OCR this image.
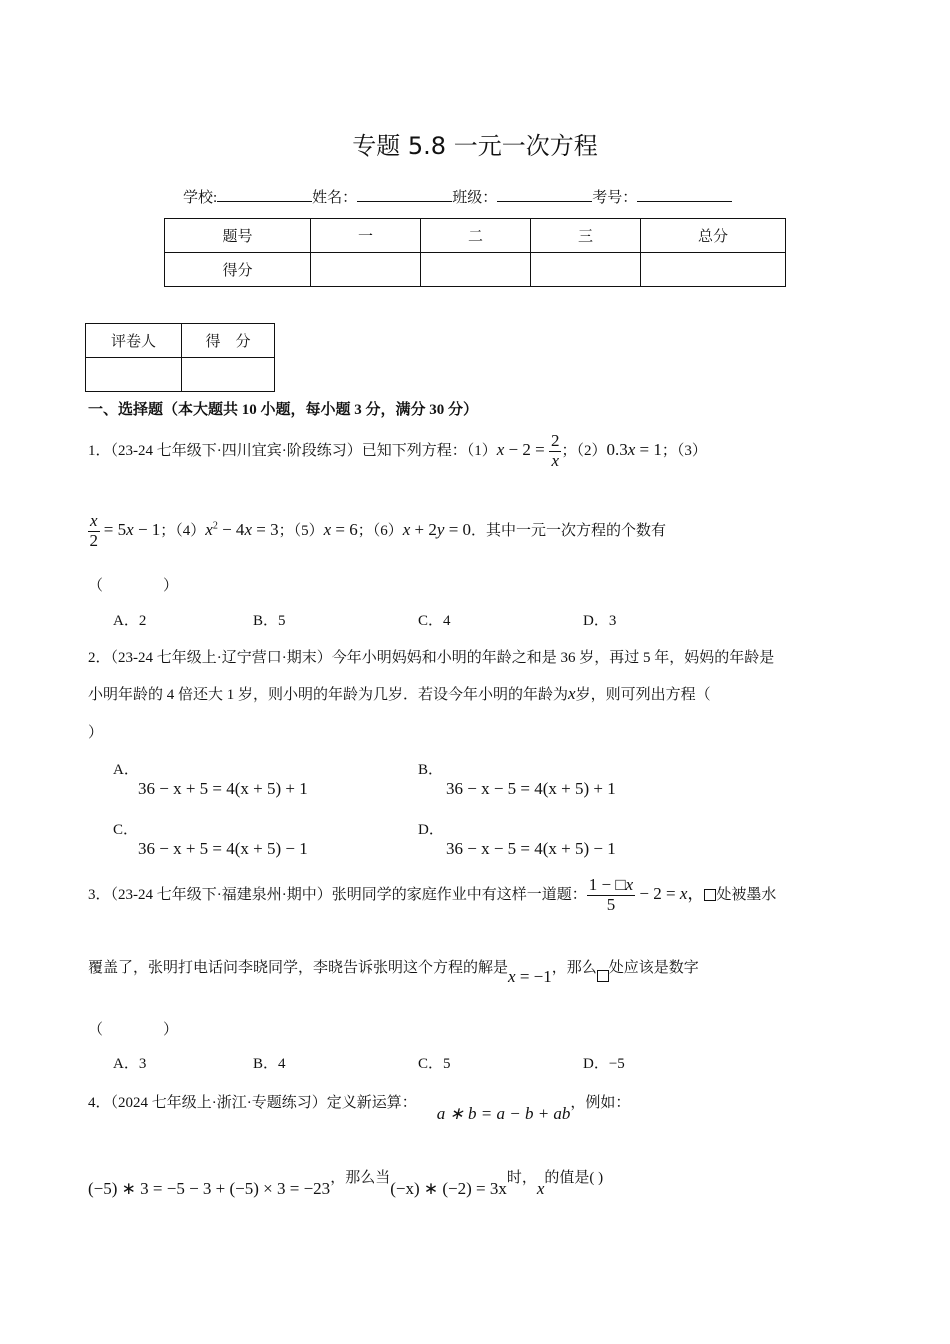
专题 5.8 一元一次方程
学校:	姓名：	班级：	考号：
题号	一	二	三	总分
得分				
评卷人	得　分

一、选择题（本大题共 10 小题，每小题 3 分，满分 30 分）
1．（23-24 七年级下·四川宜宾·阶段练习）已知下列方程：$(1)x - 2 = \frac{2}{x}$ ；（2）0.3x = 1；（3）
$\frac{x}{2} = 5x - 1$；$(4)x^2 - 4x = 3$；（5）x = 6；（6）x + 2y = 0．其中一元一次方程的个数有
（　　　　）
A．2	B．5	C．4	D．3
2．（23-24 七年级上·辽宁营口·期末）今年小明妈妈和小明的年龄之和是 36 岁，再过 5 年，妈妈的年龄是
小明年龄的 4 倍还大 1 岁，则小明的年龄为几岁．若设今年小明的年龄为x岁，则可列出方程（
）
A．
36 − x + 5 = 4(x + 5) + 1
B．
36 − x − 5 = 4(x + 5) + 1
C．
36 − x + 5 = 4(x + 5) − 1
D．
36 − x − 5 = 4(x + 5) − 1
3．（23-24 七年级下·福建泉州·期中）张明同学的家庭作业中有这样一道题： $\frac{1 - □x}{5} - 2 = x$， 处被墨水
覆盖了，张明打电话问李晓同学，李晓告诉张明这个方程的解是x = −1，那么 处应该是数字
（　　　　）
A．3	B．4	C．5	D．−5
4．（2024 七年级上·浙江·专题练习）定义新运算：a ∗ b = a − b + ab，例如：
(−5) ∗ 3 = −5 − 3 + (−5) × 3 = −23，那么当(−x) ∗ (−2) = 3x时，x的值是( )
